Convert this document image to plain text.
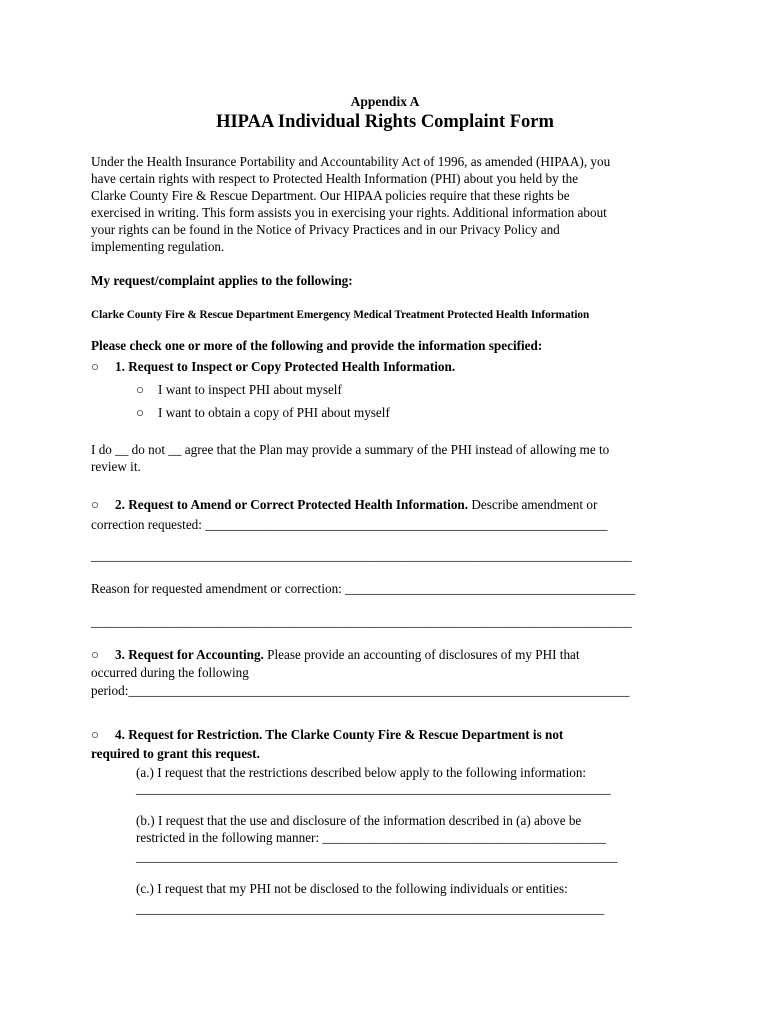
Appendix A
HIPAA Individual Rights Complaint Form
Under the Health Insurance Portability and Accountability Act of 1996, as amended (HIPAA), you
have certain rights with respect to Protected Health Information (PHI) about you held by the
Clarke County Fire & Rescue Department. Our HIPAA policies require that these rights be
exercised in writing. This form assists you in exercising your rights. Additional information about
your rights can be found in the Notice of Privacy Practices and in our Privacy Policy and
implementing regulation.
My request/complaint applies to the following:
Clarke County Fire & Rescue Department Emergency Medical Treatment Protected Health Information
Please check one or more of the following and provide the information specified:
○ 1. Request to Inspect or Copy Protected Health Information.
○ I want to inspect PHI about myself
○ I want to obtain a copy of PHI about myself
I do __ do not __ agree that the Plan may provide a summary of the PHI instead of allowing me to
review it.
○ 2. Request to Amend or Correct Protected Health Information. Describe amendment or
correction requested: _____________________________________________________________
__________________________________________________________________________________
Reason for requested amendment or correction: ____________________________________________
__________________________________________________________________________________
○ 3. Request for Accounting. Please provide an accounting of disclosures of my PHI that
occurred during the following
period:____________________________________________________________________________
○ 4. Request for Restriction. The Clarke County Fire & Rescue Department is not
required to grant this request.
(a.) I request that the restrictions described below apply to the following information:
________________________________________________________________________
(b.) I request that the use and disclosure of the information described in (a) above be
restricted in the following manner: ___________________________________________
_________________________________________________________________________
(c.) I request that my PHI not be disclosed to the following individuals or entities:
_______________________________________________________________________
